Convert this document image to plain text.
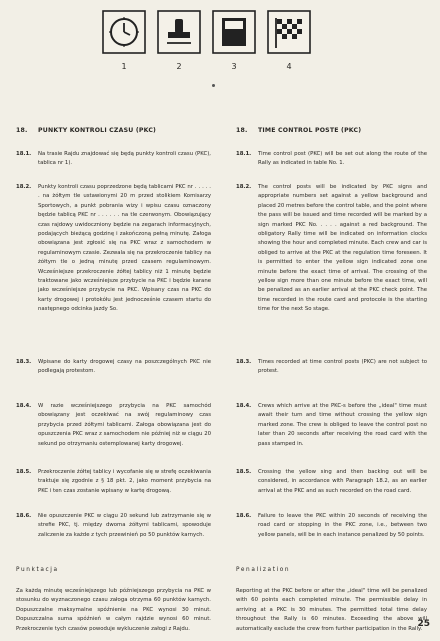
1	2	3	4
18. PUNKTY KONTROLI CZASU (PKC)
18.1.	Na trasie Rajdu znajdować się będą punkty kontroli czasu (PKC), tablica nr 1).
18.2.	Punkty kontroli czasu poprzedzone będą tablicami PKC nr . . . . . . na żółtym tle ustawionymi 20 m przed stolikiem Komisarzy Sportowych, a punkt pobrania wizy i wpisu czasu oznaczony będzie tablicą PKC nr . . . . . . na tle czerwonym. Obowiązujący czas rajdowy uwidoczniony będzie na zegarach informacyjnych, podających bieżącą godzinę i zakończoną pełną minutę. Załoga obowiązana jest zgłosić się na PKC wraz z samochodem w regulaminowym czasie. Zezwala się na przekroczenie tablicy na żółtym tle o jedną minutę przed czasem regulaminowym. Wcześniejsze przekroczenie żółtej tablicy niż 1 minutę będzie traktowane jako wcześniejsze przybycie na PKC i będzie karane jako wcześniejsze przybycie na PKC. Wpisany czas na PKC do karty drogowej i protokółu jest jednocześnie czasem startu do następnego odcinka jazdy So.
18.3.	Wpisane do karty drogowej czasy na poszczególnych PKC nie podlegają protestom.
18.4.	W razie wcześniejszego przybycia na PKC samochód obowiązany jest oczekiwać na swój regulaminowy czas przybycia przed żółtymi tablicami. Załoga obowiązana jest do opuszczenia PKC wraz z samochodem nie później niż w ciągu 20 sekund po otrzymaniu ostemplowanej karty drogowej.
18.5.	Przekroczenie żółtej tablicy i wycofanie się w strefę oczekiwania traktuje się zgodnie z § 18 pkt. 2, jako moment przybycia na PKC i ten czas zostanie wpisany w kartę drogową.
18.6.	Nie opuszczenie PKC w ciągu 20 sekund lub zatrzymanie się w strefie PKC, tj. między dwoma żółtymi tablicami, spowoduje zaliczenie za każde z tych przewinień po 50 punktów karnych.
Punktacja
Za każdą minutę wcześniejszego lub późniejszego przybycia na PKC w stosunku do wyznaczonego czasu załoga otrzyma 60 punktów karnych. Dopuszczalne maksymalne spóźnienie na PKC wynosi 30 minut. Dopuszczalna suma spóźnień w całym rajdzie wynosi 60 minut. Przekroczenie tych czasów powoduje wykluczenie załogi z Rajdu.
18. TIME CONTROL POSTE (PKC)
18.1.	Time control post (PKC) will be set out along the route of the Rally as indicated in table No. 1.
18.2.	The control posts will be indicated by PKC signs and appropriate numbers set against a yellow background and placed 20 metres before the control table, and the point where the pass will be issued and time recorded will be marked by a sign marked PKC No. . . . . against a red background. The obligatory Rally time will be indicated on information clocks showing the hour and completed minute. Each crew and car is obliged to arrive at the PKC at the regulation time foreseen. It is permitted to enter the yellow sign indicated zone one minute before the exact time of arrival. The crossing of the yellow sign more than one minute before the exact time, will be penalized as an earlier arrival at the PKC check point. The time recorded in the route card and protocole is the starting time for the next So stage.
18.3.	Times recorded at time control posts (PKC) are not subject to protest.
18.4.	Crews which arrive at the PKC-s before the „ideal" time must await their turn and time without crossing the yellow sign marked zone. The crew is obliged to leave the control post no later than 20 seconds after receiving the road card with the pass stamped in.
18.5.	Crossing the yellow sing and then backing out will be considered, in accordance with Paragraph 18.2, as an earlier arrival at the PKC and as such recorded on the road card.
18.6.	Failure to leave the PKC within 20 seconds of receiving the road card or stopping in the PKC zone, i.e., between two yellow panels, will be in each instance penalized by 50 points.
Penalization
Reporting at the PKC before or after the „ideal" time will be penalized with 60 points each completed minute. The permissible delay in arriving at a PKC is 30 minutes. The permitted total time delay throughout the Rally is 60 minutes. Exceeding the above will automatically exclude the crew from further participation in the Rally.
25
